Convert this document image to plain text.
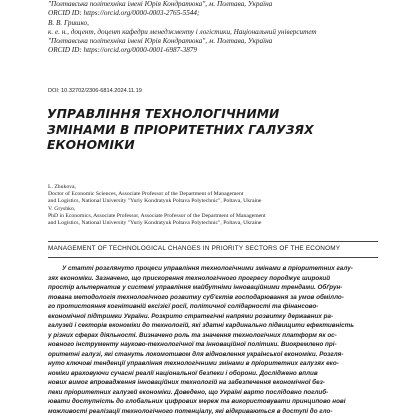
"Полтавська політехніка імені Юрія Кондратюка", м. Полтава, Україна
ORCID ID: https://orcid.org/0000-0003-2765-5544;
В. В. Гришко,
к. е. н., доцент, доцент кафедри менеджменту і логістики, Національний університет
"Полтавська політехніка імені Юрія Кондратюка", м. Полтава, Україна
ORCID ID: https://orcid.org/0000-0001-6987-3879
DOI: 10.32702/2306-6814.2024.11.19
УПРАВЛІННЯ ТЕХНОЛОГІЧНИМИ
ЗМІНАМИ В ПРІОРИТЕТНИХ ГАЛУЗЯХ
ЕКОНОМІКИ
L. Zhukova,
Doctor of Economic Sciences, Associate Professor of the Department of Management
and Logistics, National University "Yuriy Kondratyuk Poltava Polytechnic", Poltava, Ukraine
V. Gryshko,
PhD in Economics, Associate Professor, Associate Professor of the Department of Management
and Logistics, National University "Yuriy Kondratyuk Poltava Polytechnic", Poltava, Ukraine
MANAGEMENT OF TECHNOLOGICAL CHANGES IN PRIORITY SECTORS OF THE ECONOMY
У статті розглянуто процеси управління технологічними змінами в пріоритетних галу-
зях економіки. Зазначено, що прискорення технологічного прогресу породжує широкий
простір альтернатив у системі управління майбутніми інноваційними трендами. Обґрун-
тована методологія технологічного розвитку суб'єктів господарювання за умов обмілло-
го протистояння когнітивній ексізієї росії, політичної солідарності та фінансово-
економічної підтримки України. Розкрито стратегічні напрями розвитку державних ра-
галузей і секторів економіки до технологій, які здатні кардинально підвищити ефективність
у різних сферах діяльності. Визначено роль та значення технологічних платформ як ос-
новного інструменту науково-технологічної та інноваційної політики. Виокремлено прі-
оритетні галузі, які стануть локомотивом для відновлення української економіки. Розгля-
нуто ключові тенденції управління технологічними змінами в пріоритетних галузях еко-
номіки враховуючи сучасні реалії національної безпеки і оборони. Досліджено вплив
нових вимог впровадження інноваційних технологій на забезпечення економічної без-
пеки пріоритетних галузей економіки. Доведено, що Україні варто послідовно поглиб-
ювати доступність до глобальних цифрових мереж та використовувати принципово нові
можливості реалізації технологічного потенціалу, які відкриваються в доступі до гло-
